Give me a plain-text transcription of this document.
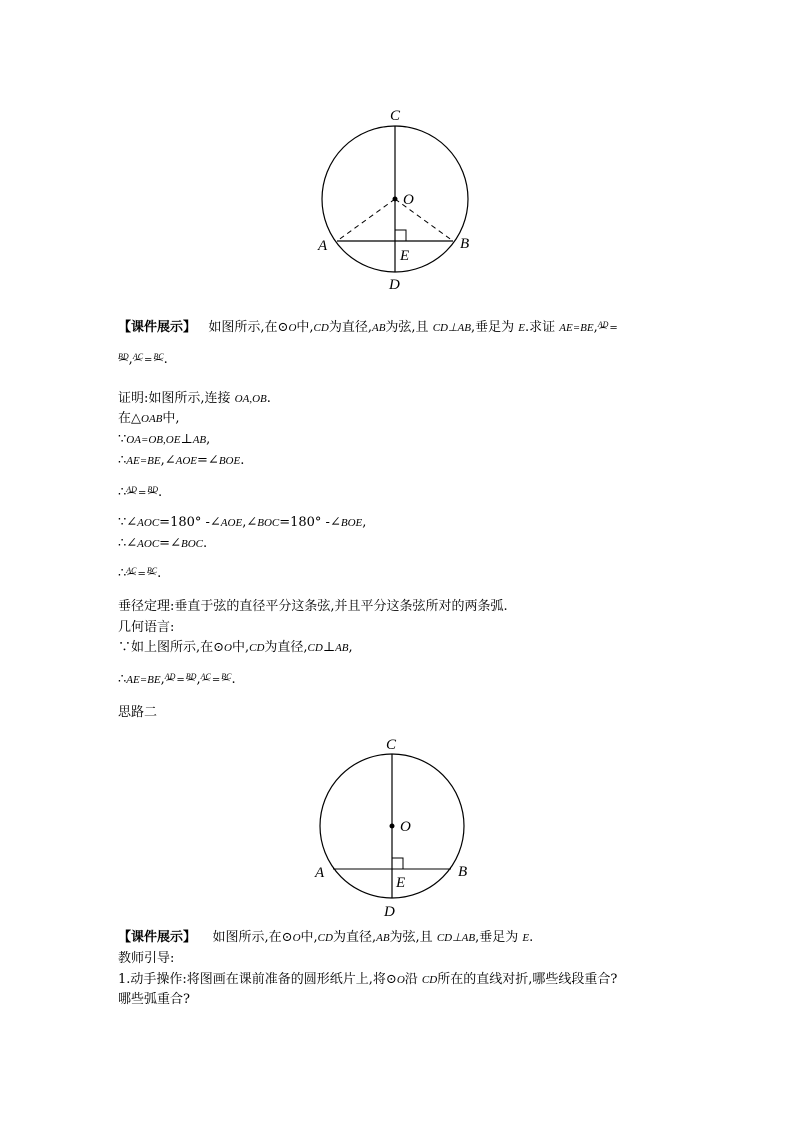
C
O
A	B
E
D
【课件展示】 如图所示,在⊙O中,CD为直径,AB为弦,且 CD⊥AB,垂足为 E.求证 AE=BE,AD=
BD,AC=BC.
证明:如图所示,连接 OA,OB.
在△OAB中,
∵OA=OB,OE⊥AB,
∴AE=BE,∠AOE=∠BOE.
∴AD=BD.
∵∠AOC=180° -∠AOE,∠BOC=180° -∠BOE,
∴∠AOC=∠BOC.
∴AC=BC.
垂径定理:垂直于弦的直径平分这条弦,并且平分这条弦所对的两条弧.
几何语言:
∵如上图所示,在⊙O中,CD为直径,CD⊥AB,
∴AE=BE,AD=BD,AC=BC.
思路二
C
O
A	B
E
D
【课件展示】 如图所示,在⊙O中,CD为直径,AB为弦,且 CD⊥AB,垂足为 E.
教师引导:
1.动手操作:将图画在课前准备的圆形纸片上,将⊙O沿 CD所在的直线对折,哪些线段重合?
哪些弧重合?
